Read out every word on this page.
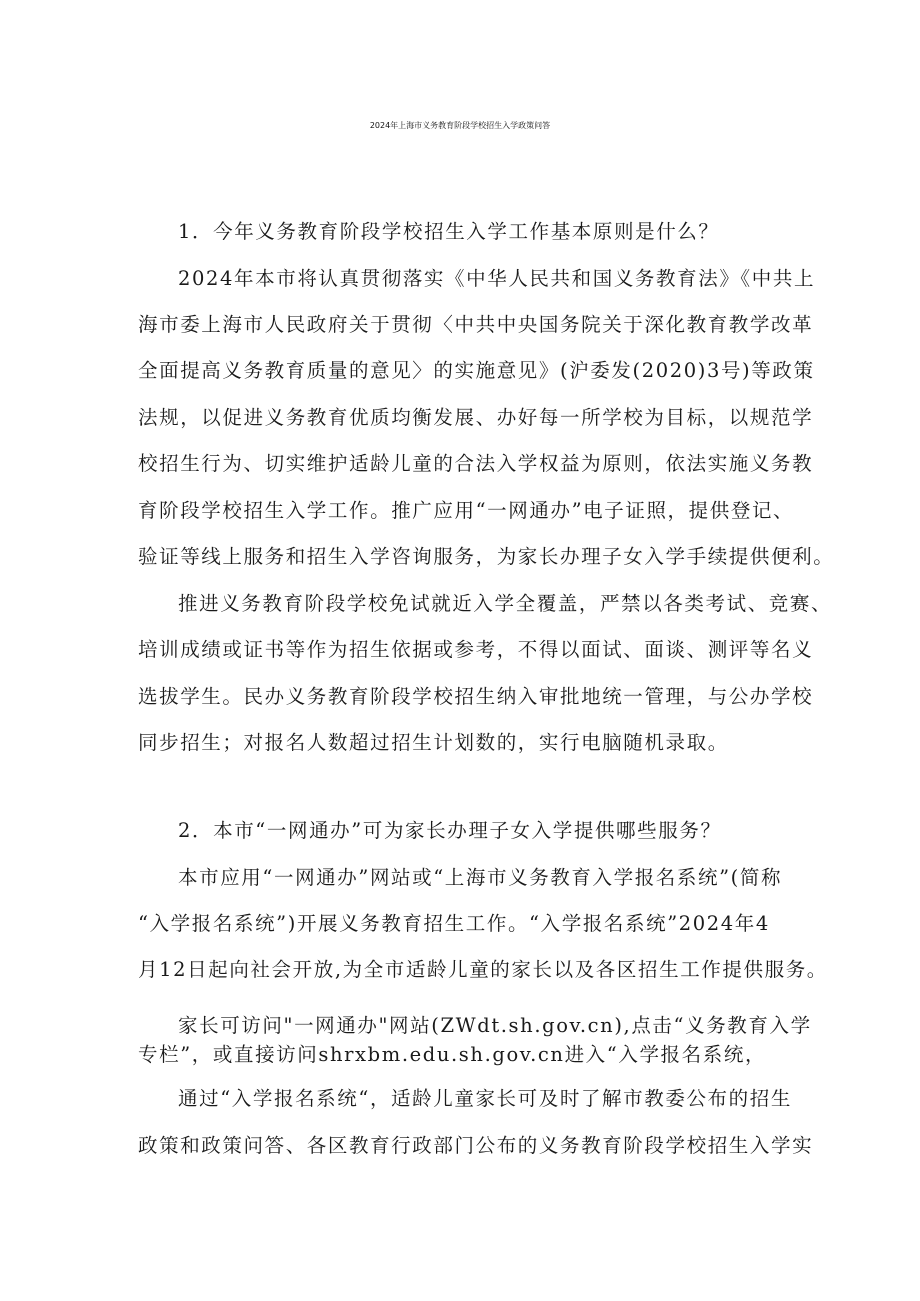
2024年上海市义务教育阶段学校招生入学政策问答
1．今年义务教育阶段学校招生入学工作基本原则是什么？
2024年本市将认真贯彻落实《中华人民共和国义务教育法》《中共上
海市委上海市人民政府关于贯彻〈中共中央国务院关于深化教育教学改革
全面提高义务教育质量的意见〉的实施意见》(沪委发(2020)3号)等政策
法规，以促进义务教育优质均衡发展、办好每一所学校为目标，以规范学
校招生行为、切实维护适龄儿童的合法入学权益为原则，依法实施义务教
育阶段学校招生入学工作。推广应用“一网通办”电子证照，提供登记、
验证等线上服务和招生入学咨询服务，为家长办理子女入学手续提供便利。
推进义务教育阶段学校免试就近入学全覆盖，严禁以各类考试、竞赛、
培训成绩或证书等作为招生依据或参考，不得以面试、面谈、测评等名义
选拔学生。民办义务教育阶段学校招生纳入审批地统一管理，与公办学校
同步招生；对报名人数超过招生计划数的，实行电脑随机录取。
2．本市“一网通办”可为家长办理子女入学提供哪些服务？
本市应用“一网通办”网站或“上海市义务教育入学报名系统”(简称
“入学报名系统”)开展义务教育招生工作。“入学报名系统”2024年4
月12日起向社会开放,为全市适龄儿童的家长以及各区招生工作提供服务。
家长可访问"一网通办"网站(ZWdt.sh.gov.cn),点击“义务教育入学
专栏”，或直接访问shrxbm.edu.sh.gov.cn进入“入学报名系统，
通过“入学报名系统“，适龄儿童家长可及时了解市教委公布的招生
政策和政策问答、各区教育行政部门公布的义务教育阶段学校招生入学实
